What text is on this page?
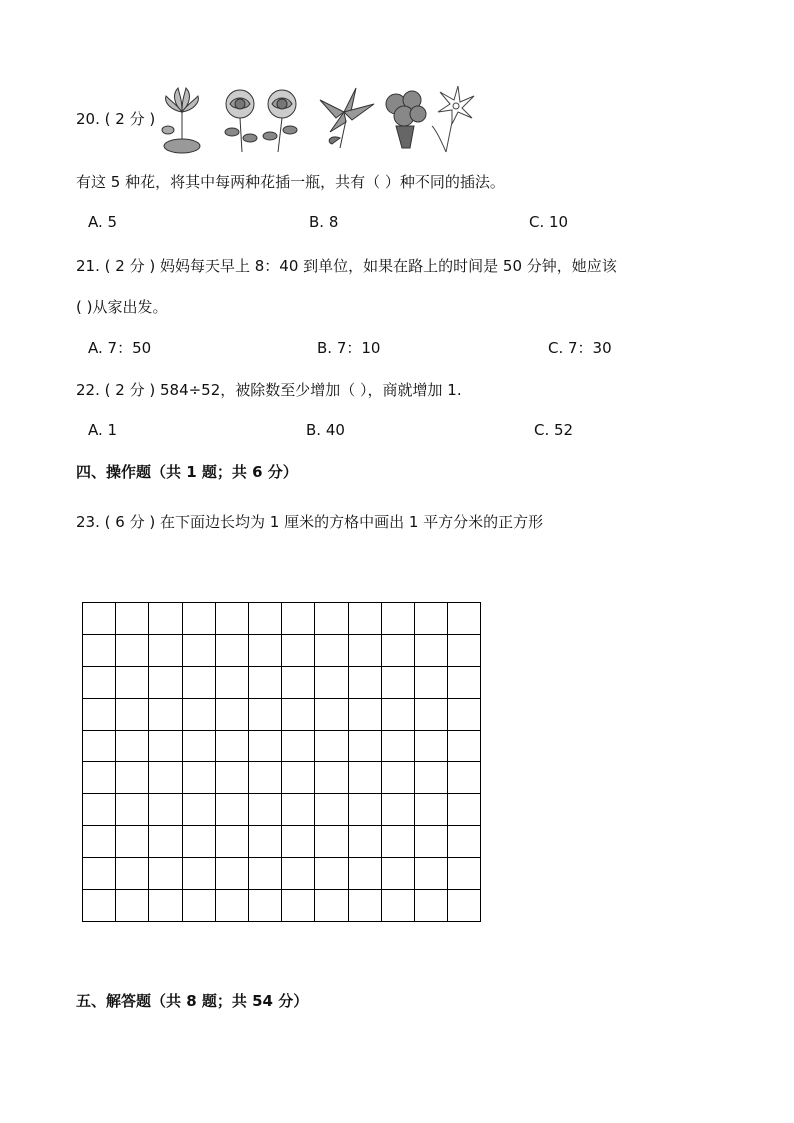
20. ( 2 分 )
有这 5 种花，将其中每两种花插一瓶，共有（ ）种不同的插法。
A. 5	B. 8	C. 10
21. ( 2 分 ) 妈妈每天早上 8：40 到单位，如果在路上的时间是 50 分钟，她应该
( )从家出发。
A. 7：50	B. 7：10	C. 7：30
22. ( 2 分 ) 584÷52，被除数至少增加（ ），商就增加 1.
A. 1	B. 40	C. 52
四、操作题（共 1 题；共 6 分）
23. ( 6 分 ) 在下面边长均为 1 厘米的方格中画出 1 平方分米的正方形

五、解答题（共 8 题；共 54 分）
